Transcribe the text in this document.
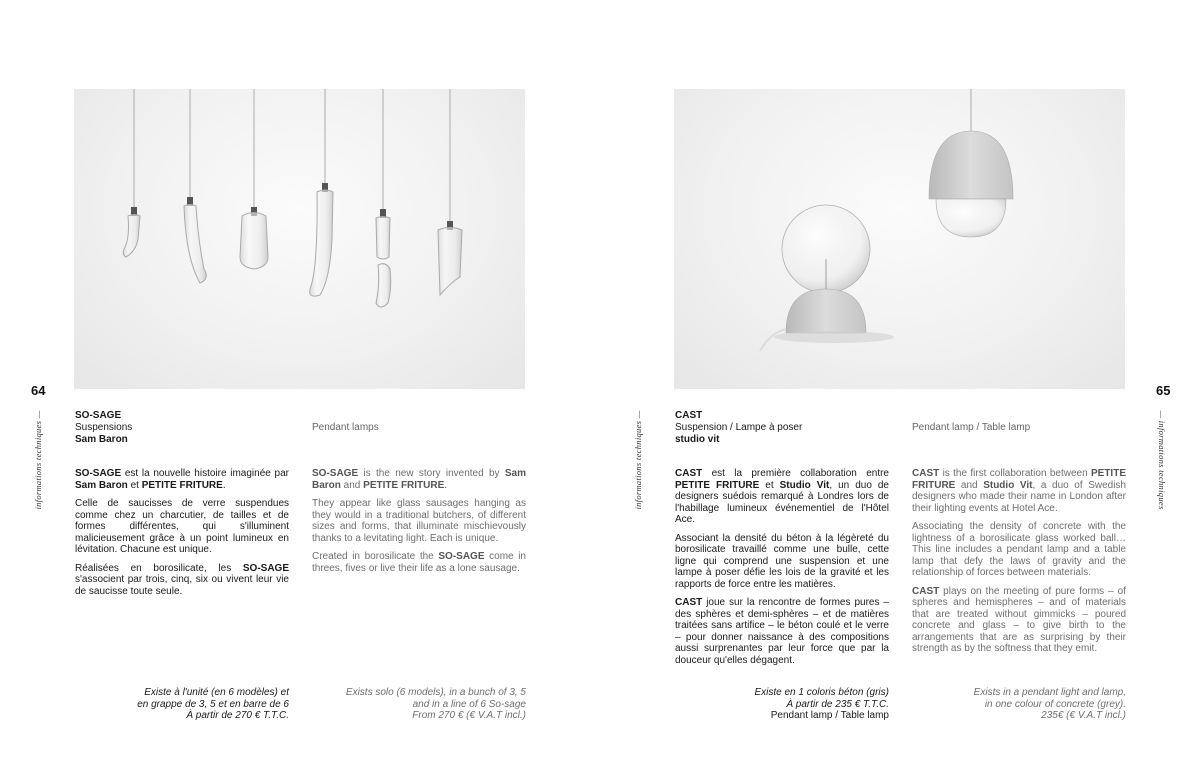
64	65
informations techniques —	informations techniques —	— informations techniques
SO-SAGE
Suspensions
Sam Baron
Pendant lamps

SO-SAGE est la nouvelle histoire imaginée par Sam Baron et PETITE FRITURE.

Celle de saucisses de verre suspendues comme chez un charcutier, de tailles et de formes différentes, qui s'illuminent malicieusement grâce à un point lumineux en lévitation. Chacune est unique.

Réalisées en borosilicate, les SO-SAGE s'associent par trois, cinq, six ou vivent leur vie de saucisse toute seule.

SO-SAGE is the new story invented by Sam Baron and PETITE FRITURE.

They appear like glass sausages hanging as they would in a traditional butchers, of different sizes and forms, that illuminate mischievously thanks to a levitating light. Each is unique.

Created in borosilicate the SO-SAGE come in threes, fives or live their life as a lone sausage.

Existe à l'unité (en 6 modèles) et
en grappe de 3, 5 et en barre de 6
À partir de 270 € T.T.C.
Exists solo (6 models), in a bunch of 3, 5
and in a line of 6 So-sage
From 270 € (€ V.A.T incl.)
CAST
Suspension / Lampe à poser
studio vit
Pendant lamp / Table lamp

CAST est la première collaboration entre PETITE FRITURE et Studio Vit, un duo de designers suédois remarqué à Londres lors de l'habillage lumineux événementiel de l'Hôtel Ace.

Associant la densité du béton à la légèreté du borosilicate travaillé comme une bulle, cette ligne qui comprend une suspension et une lampe à poser défie les lois de la gravité et les rapports de force entre les matières.

CAST joue sur la rencontre de formes pures – des sphères et demi-sphères – et de matières traitées sans artifice – le béton coulé et le verre – pour donner naissance à des compositions aussi surprenantes par leur force que par la douceur qu'elles dégagent.

CAST is the first collaboration between PETITE FRITURE and Studio Vit, a duo of Swedish designers who made their name in London after their lighting events at Hotel Ace.

Associating the density of concrete with the lightness of a borosilicate glass worked ball… This line includes a pendant lamp and a table lamp that defy the laws of gravity and the relationship of forces between materials.

CAST plays on the meeting of pure forms – of spheres and hemispheres – and of materials that are treated without gimmicks – poured concrete and glass – to give birth to the arrangements that are as surprising by their strength as by the softness that they emit.

Existe en 1 coloris béton (gris)
À partir de 235 € T.T.C.
Pendant lamp / Table lamp
Exists in a pendant light and lamp,
in one colour of concrete (grey).
235€ (€ V.A.T incl.)
